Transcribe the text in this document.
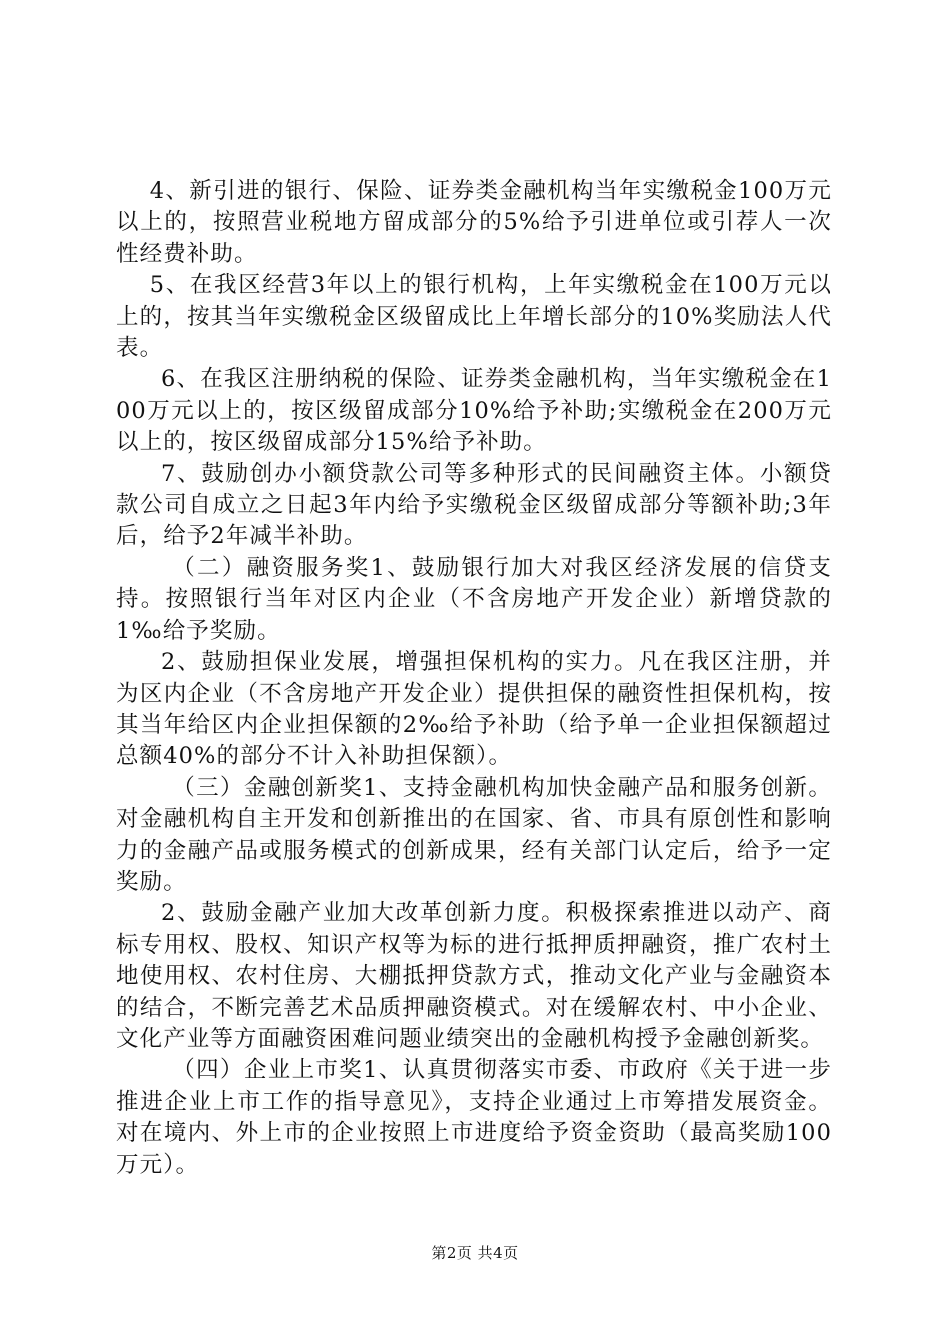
4、新引进的银行、保险、证券类金融机构当年实缴税金100万元以上的，按照营业税地方留成部分的5%给予引进单位或引荐人一次性经费补助。

5、在我区经营3年以上的银行机构，上年实缴税金在100万元以上的，按其当年实缴税金区级留成比上年增长部分的10%奖励法人代表。

6、在我区注册纳税的保险、证券类金融机构，当年实缴税金在100万元以上的，按区级留成部分10%给予补助;实缴税金在200万元以上的，按区级留成部分15%给予补助。

7、鼓励创办小额贷款公司等多种形式的民间融资主体。小额贷款公司自成立之日起3年内给予实缴税金区级留成部分等额补助;3年后，给予2年减半补助。

（二）融资服务奖1、鼓励银行加大对我区经济发展的信贷支持。按照银行当年对区内企业（不含房地产开发企业）新增贷款的1‰给予奖励。

2、鼓励担保业发展，增强担保机构的实力。凡在我区注册，并为区内企业（不含房地产开发企业）提供担保的融资性担保机构，按其当年给区内企业担保额的2‰给予补助（给予单一企业担保额超过总额40%的部分不计入补助担保额）。

（三）金融创新奖1、支持金融机构加快金融产品和服务创新。对金融机构自主开发和创新推出的在国家、省、市具有原创性和影响力的金融产品或服务模式的创新成果，经有关部门认定后，给予一定奖励。

2、鼓励金融产业加大改革创新力度。积极探索推进以动产、商标专用权、股权、知识产权等为标的进行抵押质押融资，推广农村土地使用权、农村住房、大棚抵押贷款方式，推动文化产业与金融资本的结合，不断完善艺术品质押融资模式。对在缓解农村、中小企业、文化产业等方面融资困难问题业绩突出的金融机构授予金融创新奖。

（四）企业上市奖1、认真贯彻落实市委、市政府《关于进一步推进企业上市工作的指导意见》，支持企业通过上市筹措发展资金。对在境内、外上市的企业按照上市进度给予资金资助（最高奖励100万元）。

第2页 共4页
